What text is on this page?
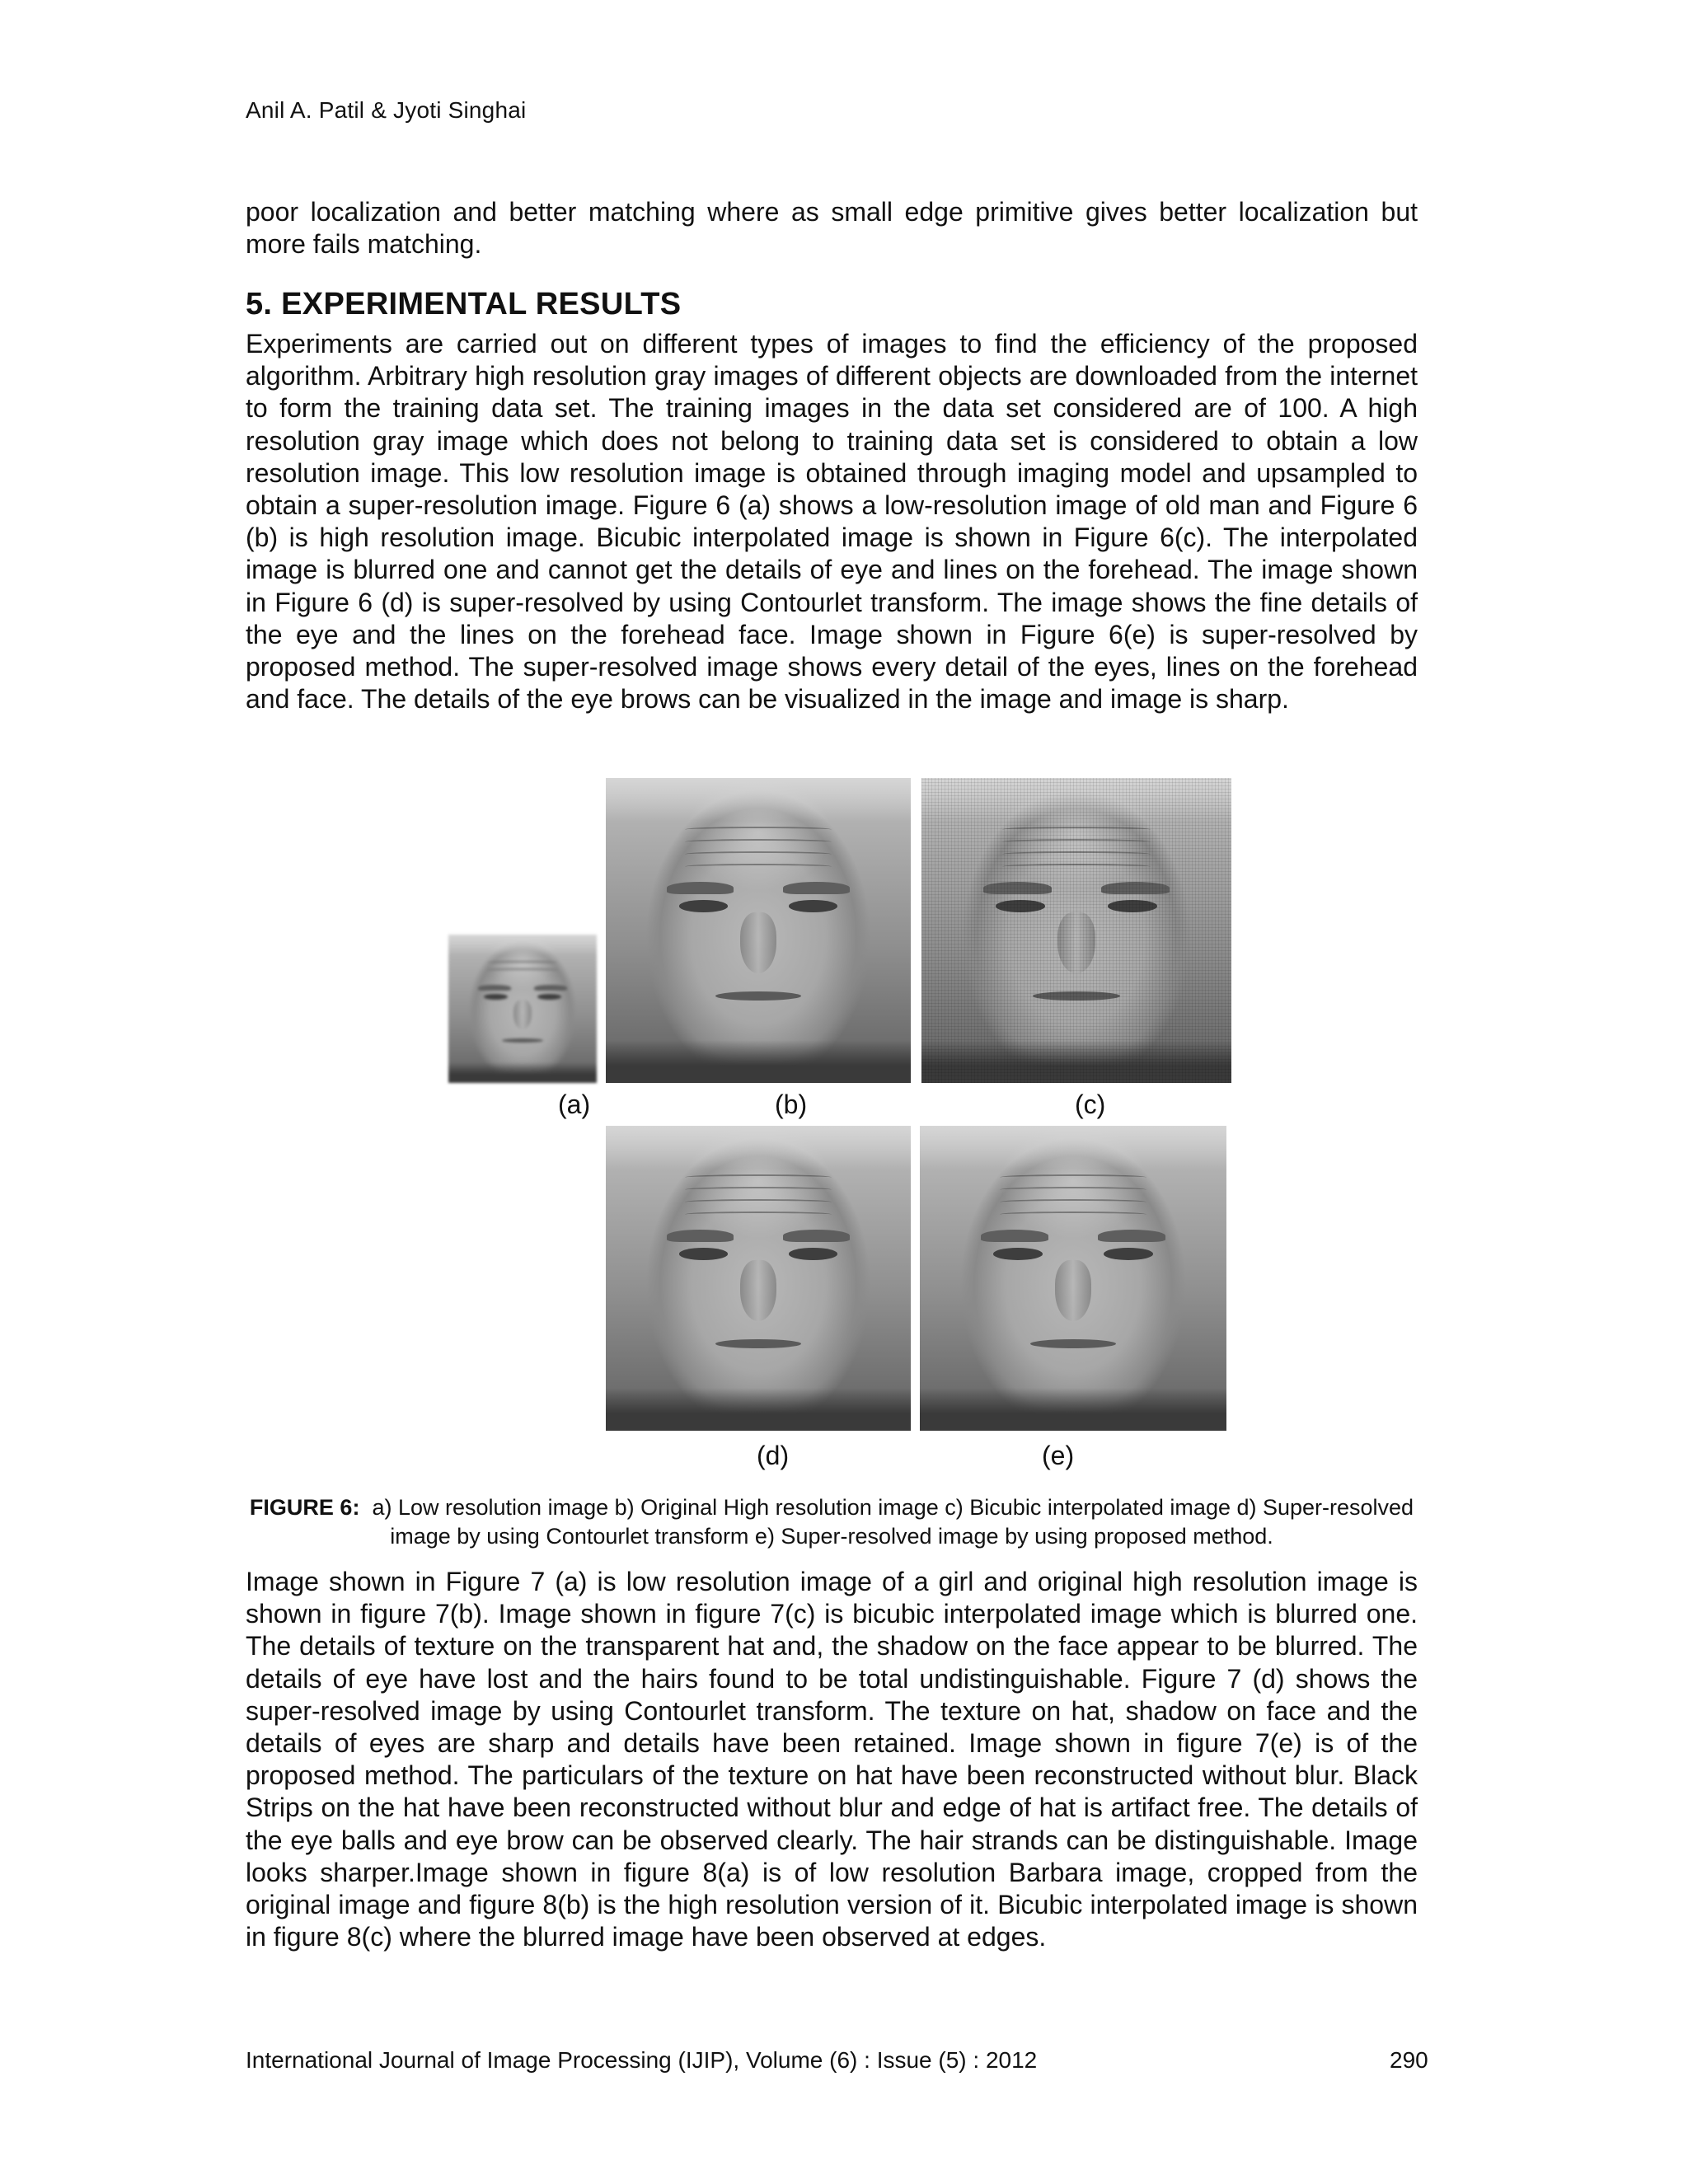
Anil A. Patil & Jyoti Singhai

poor localization and better matching where as small edge primitive gives better localization but more fails matching.

5. EXPERIMENTAL RESULTS

Experiments are carried out on different types of images to find the efficiency of the proposed algorithm. Arbitrary high resolution gray images of different objects are downloaded from the internet to form the training data set. The training images in the data set considered are of 100. A high resolution gray image which does not belong to training data set is considered to obtain a low resolution image. This low resolution image is obtained through imaging model and upsampled to obtain a super-resolution image. Figure 6 (a) shows a low-resolution image of old man and Figure 6 (b) is high resolution image. Bicubic interpolated image is shown in Figure 6(c). The interpolated image is blurred one and cannot get the details of eye and lines on the forehead. The image shown in Figure 6 (d) is super-resolved by using Contourlet transform. The image shows the fine details of the eye and the lines on the forehead face. Image shown in Figure 6(e) is super-resolved by proposed method. The super-resolved image shows every detail of the eyes, lines on the forehead and face. The details of the eye brows can be visualized in the image and image is sharp.

(a)	(b)	(c)
(d)	(e)

FIGURE 6: a) Low resolution image b) Original High resolution image c) Bicubic interpolated image d) Super-resolved image by using Contourlet transform e) Super-resolved image by using proposed method.

Image shown in Figure 7 (a) is low resolution image of a girl and original high resolution image is shown in figure 7(b). Image shown in figure 7(c) is bicubic interpolated image which is blurred one. The details of texture on the transparent hat and, the shadow on the face appear to be blurred. The details of eye have lost and the hairs found to be total undistinguishable. Figure 7 (d) shows the super-resolved image by using Contourlet transform. The texture on hat, shadow on face and the details of eyes are sharp and details have been retained. Image shown in figure 7(e) is of the proposed method. The particulars of the texture on hat have been reconstructed without blur. Black Strips on the hat have been reconstructed without blur and edge of hat is artifact free. The details of the eye balls and eye brow can be observed clearly. The hair strands can be distinguishable. Image looks sharper.Image shown in figure 8(a) is of low resolution Barbara image, cropped from the original image and figure 8(b) is the high resolution version of it. Bicubic interpolated image is shown in figure 8(c) where the blurred image have been observed at edges.

International Journal of Image Processing (IJIP), Volume (6) : Issue (5) : 2012	290
